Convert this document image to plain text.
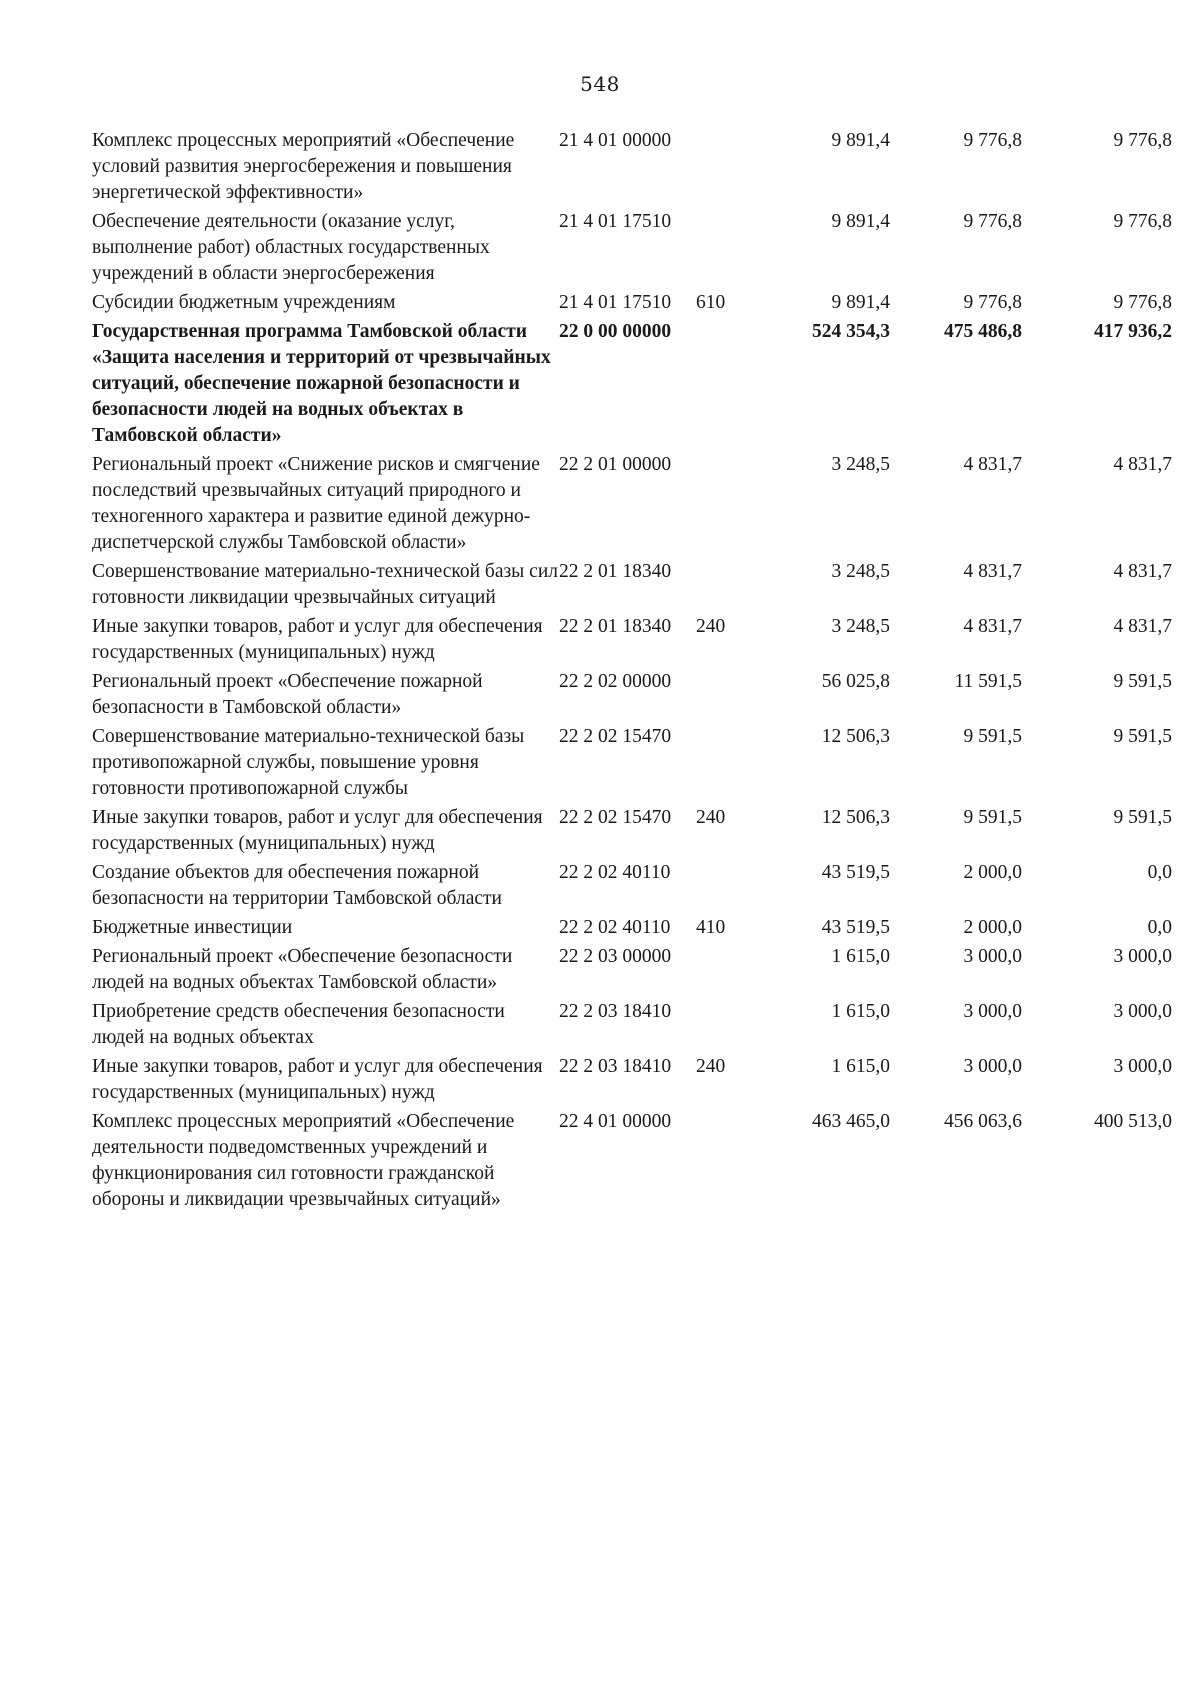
548
Комплекс процессных мероприятий «Обеспечение условий развития энергосбережения и повышения энергетической эффективности»	21 4 01 00000		9 891,4	9 776,8	9 776,8
Обеспечение деятельности (оказание услуг, выполнение работ) областных государственных учреждений в области энергосбережения	21 4 01 17510		9 891,4	9 776,8	9 776,8
Субсидии бюджетным учреждениям	21 4 01 17510	610	9 891,4	9 776,8	9 776,8
Государственная программа Тамбовской области «Защита населения и территорий от чрезвычайных ситуаций, обеспечение пожарной безопасности и безопасности людей на водных объектах в Тамбовской области»	22 0 00 00000		524 354,3	475 486,8	417 936,2
Региональный проект «Снижение рисков и смягчение последствий чрезвычайных ситуаций природного и техногенного характера и развитие единой дежурно-диспетчерской службы Тамбовской области»	22 2 01 00000		3 248,5	4 831,7	4 831,7
Совершенствование материально-технической базы сил готовности ликвидации чрезвычайных ситуаций	22 2 01 18340		3 248,5	4 831,7	4 831,7
Иные закупки товаров, работ и услуг для обеспечения государственных (муниципальных) нужд	22 2 01 18340	240	3 248,5	4 831,7	4 831,7
Региональный проект «Обеспечение пожарной безопасности в Тамбовской области»	22 2 02 00000		56 025,8	11 591,5	9 591,5
Совершенствование материально-технической базы противопожарной службы, повышение уровня готовности противопожарной службы	22 2 02 15470		12 506,3	9 591,5	9 591,5
Иные закупки товаров, работ и услуг для обеспечения государственных (муниципальных) нужд	22 2 02 15470	240	12 506,3	9 591,5	9 591,5
Создание объектов для обеспечения пожарной безопасности на территории Тамбовской области	22 2 02 40110		43 519,5	2 000,0	0,0
Бюджетные инвестиции	22 2 02 40110	410	43 519,5	2 000,0	0,0
Региональный проект «Обеспечение безопасности людей на водных объектах Тамбовской области»	22 2 03 00000		1 615,0	3 000,0	3 000,0
Приобретение средств обеспечения безопасности людей на водных объектах	22 2 03 18410		1 615,0	3 000,0	3 000,0
Иные закупки товаров, работ и услуг для обеспечения государственных (муниципальных) нужд	22 2 03 18410	240	1 615,0	3 000,0	3 000,0
Комплекс процессных мероприятий «Обеспечение деятельности подведомственных учреждений и функционирования сил готовности гражданской обороны и ликвидации чрезвычайных ситуаций»	22 4 01 00000		463 465,0	456 063,6	400 513,0
